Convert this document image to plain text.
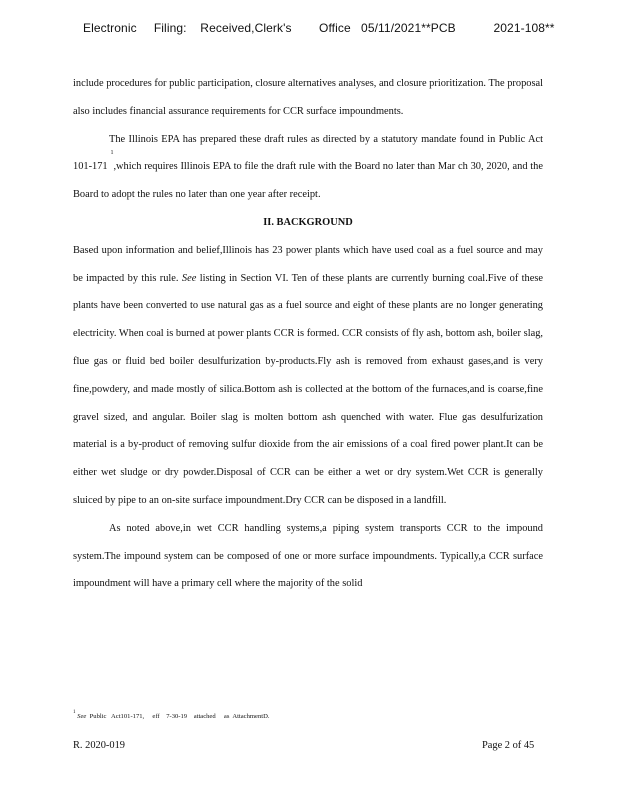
Electronic     Filing:    Received,Clerk's        Office   05/11/2021**PCB           2021-108**

include procedures for public participation, closure alternatives analyses, and closure prioritization. The proposal also includes financial assurance requirements for CCR surface impoundments.

The Illinois EPA has prepared these draft rules as directed by a statutory mandate found in Public Act 101-171 $^1$,which requires Illinois EPA to file the draft rule with the Board no later than Mar ch 30, 2020, and the Board to adopt the rules no later than one year after receipt.

II. BACKGROUND

Based upon information and belief,Illinois has 23 power plants which have used coal as a fuel source and may be impacted by this rule. See listing in Section VI. Ten of these plants are currently burning coal.Five of these plants have been converted to use natural gas as a fuel source and eight of these plants are no longer generating electricity. When coal is burned at power plants CCR is formed. CCR consists of fly ash, bottom ash, boiler slag, flue gas or fluid bed boiler desulfurization by-products.Fly ash is removed from exhaust gases,and is very fine,powdery, and made mostly of silica.Bottom ash is collected at the bottom of the furnaces,and is coarse,fine gravel sized, and angular. Boiler slag is molten bottom ash quenched with water. Flue gas desulfurization material is a by-product of removing sulfur dioxide from the air emissions of a coal fired power plant.It can be either wet sludge or dry powder.Disposal of CCR can be either a wet or dry system.Wet CCR is generally sluiced by pipe to an on-site surface impoundment.Dry CCR can be disposed in a landfill.

As noted above,in wet CCR handling systems,a piping system transports CCR to the impound system.The impound system can be composed of one or more surface impoundments. Typically,a CCR surface impoundment will have a primary cell where the majority of the solid

$^1$ See Public   Act101-171,     eff    7-30-19    attached     as  AttachmentD.
R. 2020-019	Page 2 of 45
